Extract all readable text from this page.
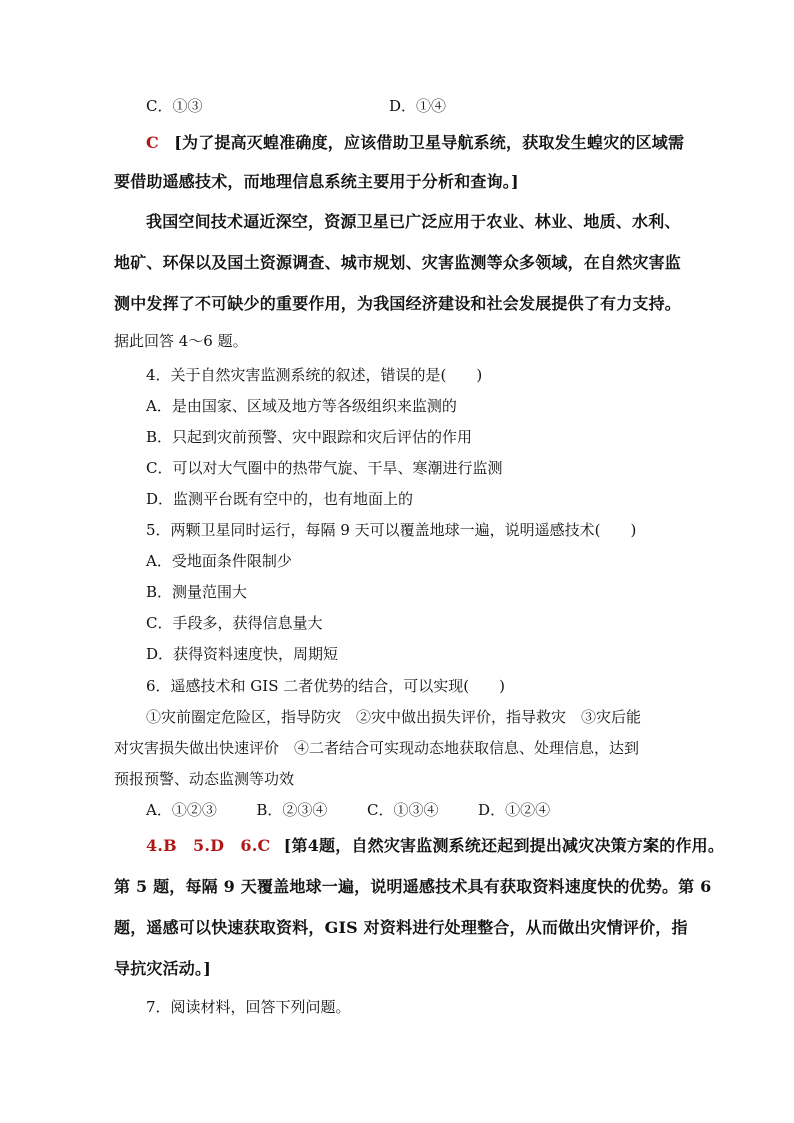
C．①③	D．①④
C [为了提高灭蝗准确度，应该借助卫星导航系统，获取发生蝗灾的区域需
要借助遥感技术，而地理信息系统主要用于分析和查询。]
我国空间技术逼近深空，资源卫星已广泛应用于农业、林业、地质、水利、
地矿、环保以及国土资源调查、城市规划、灾害监测等众多领域，在自然灾害监
测中发挥了不可缺少的重要作用，为我国经济建设和社会发展提供了有力支持。
据此回答 4～6 题。
4．关于自然灾害监测系统的叙述，错误的是(　　)
A．是由国家、区域及地方等各级组织来监测的
B．只起到灾前预警、灾中跟踪和灾后评估的作用
C．可以对大气圈中的热带气旋、干旱、寒潮进行监测
D．监测平台既有空中的，也有地面上的
5．两颗卫星同时运行，每隔 9 天可以覆盖地球一遍，说明遥感技术(　　)
A．受地面条件限制少
B．测量范围大
C．手段多，获得信息量大
D．获得资料速度快，周期短
6．遥感技术和 GIS 二者优势的结合，可以实现(　　)
①灾前圈定危险区，指导防灾　②灾中做出损失评价，指导救灾　③灾后能
对灾害损失做出快速评价　④二者结合可实现动态地获取信息、处理信息，达到
预报预警、动态监测等功效
A．①②③	B．②③④	C．①③④	D．①②④
4.B　5.D　6.C [第4题，自然灾害监测系统还起到提出减灾决策方案的作用。
第 5 题，每隔 9 天覆盖地球一遍，说明遥感技术具有获取资料速度快的优势。第 6
题，遥感可以快速获取资料，GIS 对资料进行处理整合，从而做出灾情评价，指
导抗灾活动。]
7．阅读材料，回答下列问题。
